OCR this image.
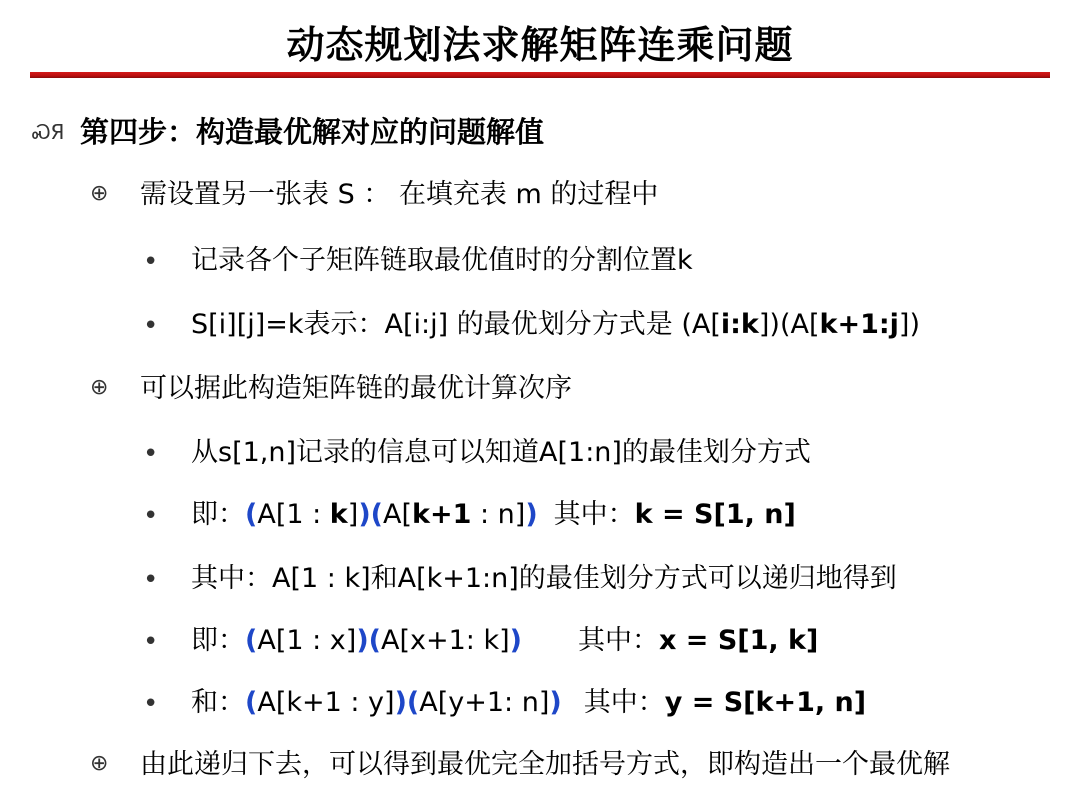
动态规划法求解矩阵连乘问题
ᏍЯ 第四步：构造最优解对应的问题解值
⊕ 需设置另一张表 S ： 在填充表 m 的过程中
• 记录各个子矩阵链取最优值时的分割位置k
• S[i][j]=k表示：A[i:j] 的最优划分方式是 (A[i:k])(A[k+1:j])
⊕ 可以据此构造矩阵链的最优计算次序
• 从s[1,n]记录的信息可以知道A[1:n]的最佳划分方式
• 即：(A[1 : k])(A[k+1 : n]) 其中：k = S[1, n]
• 其中：A[1 : k]和A[k+1:n]的最佳划分方式可以递归地得到
• 即：(A[1 : x])(A[x+1: k]) 其中：x = S[1, k]
• 和：(A[k+1 : y])(A[y+1: n]) 其中：y = S[k+1, n]
⊕ 由此递归下去，可以得到最优完全加括号方式，即构造出一个最优解
